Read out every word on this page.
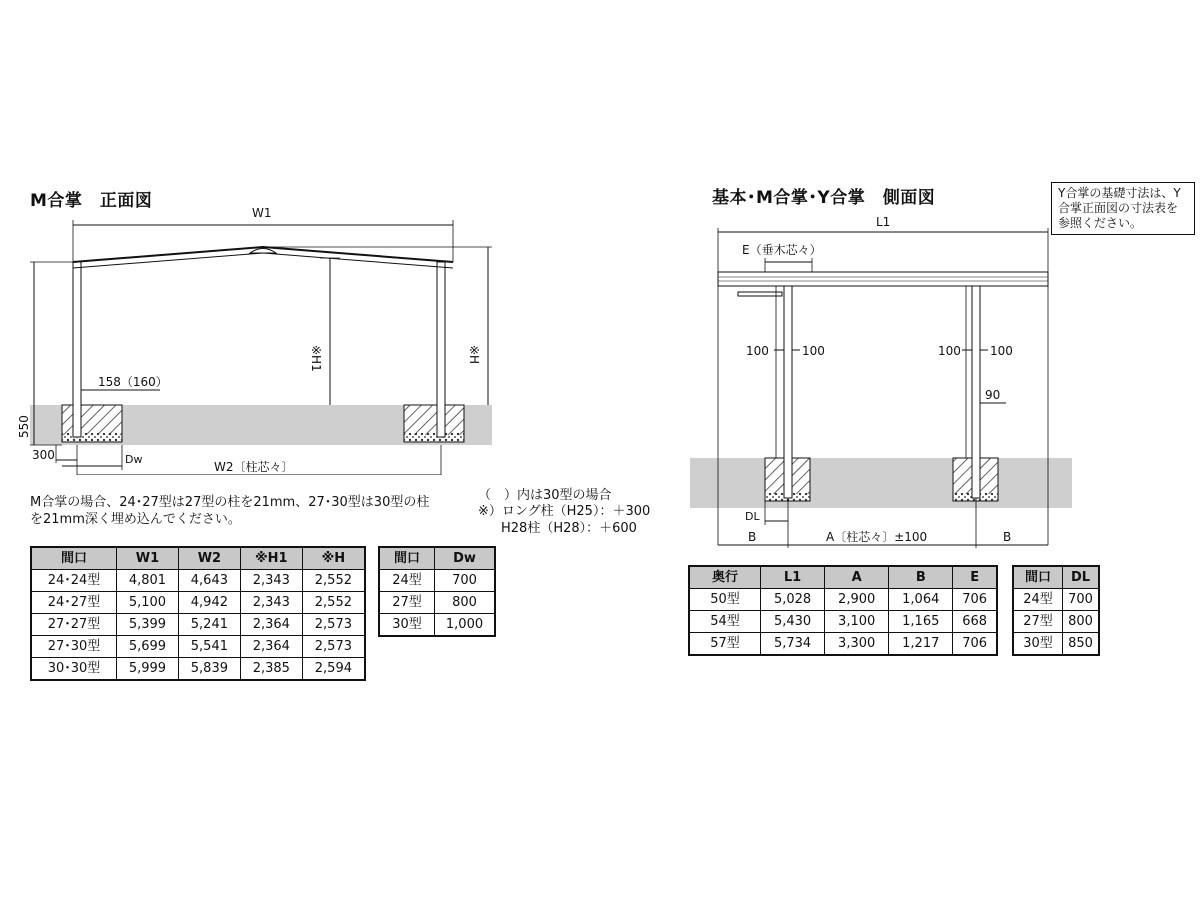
M合掌　正面図
W1
※H1	※H
550
300	Dw
W2〔柱芯々〕
158（160）
M合掌の場合、24･27型は27型の柱を21mm、27･30型は30型の柱を21mm深く埋め込んでください。
（　）内は30型の場合
※）ロング柱（H25）：＋300
H28柱（H28）：＋600
間口	W1	W2	※H1	※H
24･24型	4,801	4,643	2,343	2,552
24･27型	5,100	4,942	2,343	2,552
27･27型	5,399	5,241	2,364	2,573
27･30型	5,699	5,541	2,364	2,573
30･30型	5,999	5,839	2,385	2,594
間口	Dw
24型	700
27型	800
30型	1,000
基本･M合掌･Y合掌　側面図	Y合掌の基礎寸法は、Y合掌正面図の寸法表を参照ください。
L1
E（垂木芯々）
100	100	100 100
90
DL
B	B
A〔柱芯々〕±100
奥行	L1	A	B	E
50型	5,028	2,900	1,064	706
54型	5,430	3,100	1,165	668
57型	5,734	3,300	1,217	706
間口	DL
24型	700
27型	800
30型	850
